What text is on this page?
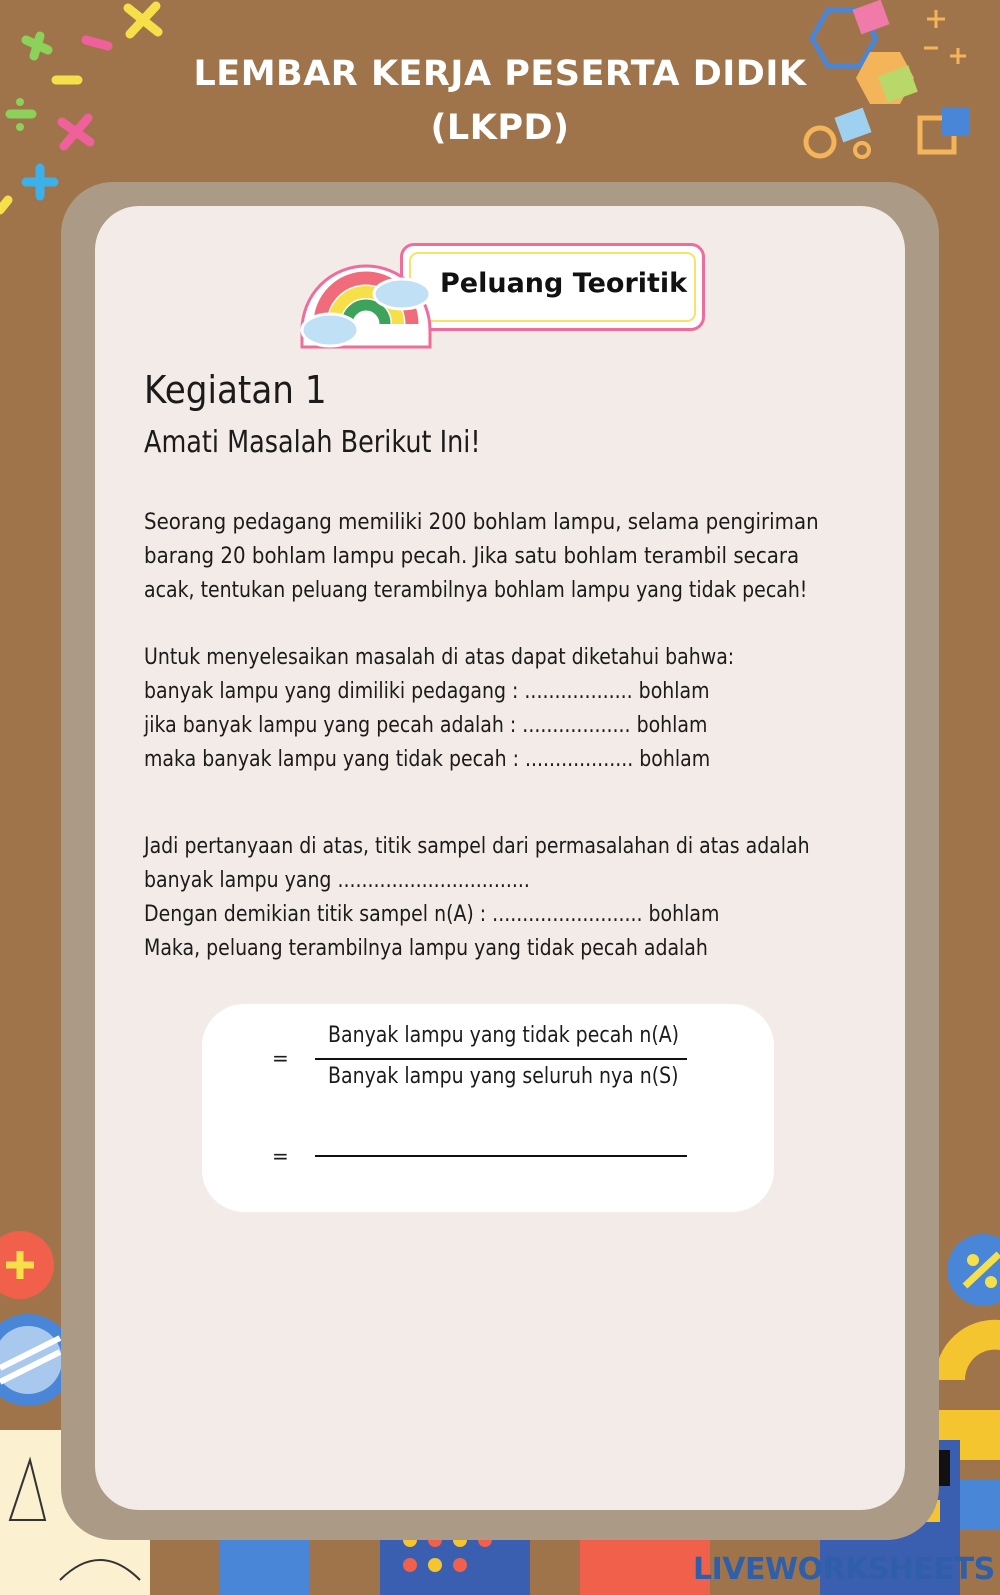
LEMBAR KERJA PESERTA DIDIK
(LKPD)
Peluang Teoritik
Kegiatan 1
Amati Masalah Berikut Ini!
Seorang pedagang memiliki 200 bohlam lampu, selama pengiriman
barang 20 bohlam lampu pecah. Jika satu bohlam terambil secara
acak, tentukan peluang terambilnya bohlam lampu yang tidak pecah!
Untuk menyelesaikan masalah di atas dapat diketahui bahwa:
banyak lampu yang dimiliki pedagang : .................. bohlam
jika banyak lampu yang pecah adalah : .................. bohlam
maka banyak lampu yang tidak pecah : .................. bohlam
Jadi pertanyaan di atas, titik sampel dari permasalahan di atas adalah
banyak lampu yang ................................
Dengan demikian titik sampel n(A) : ......................... bohlam
Maka, peluang terambilnya lampu yang tidak pecah adalah
=
Banyak lampu yang tidak pecah n(A)
Banyak lampu yang seluruh nya n(S)
=
LIVEWORKSHEETS
